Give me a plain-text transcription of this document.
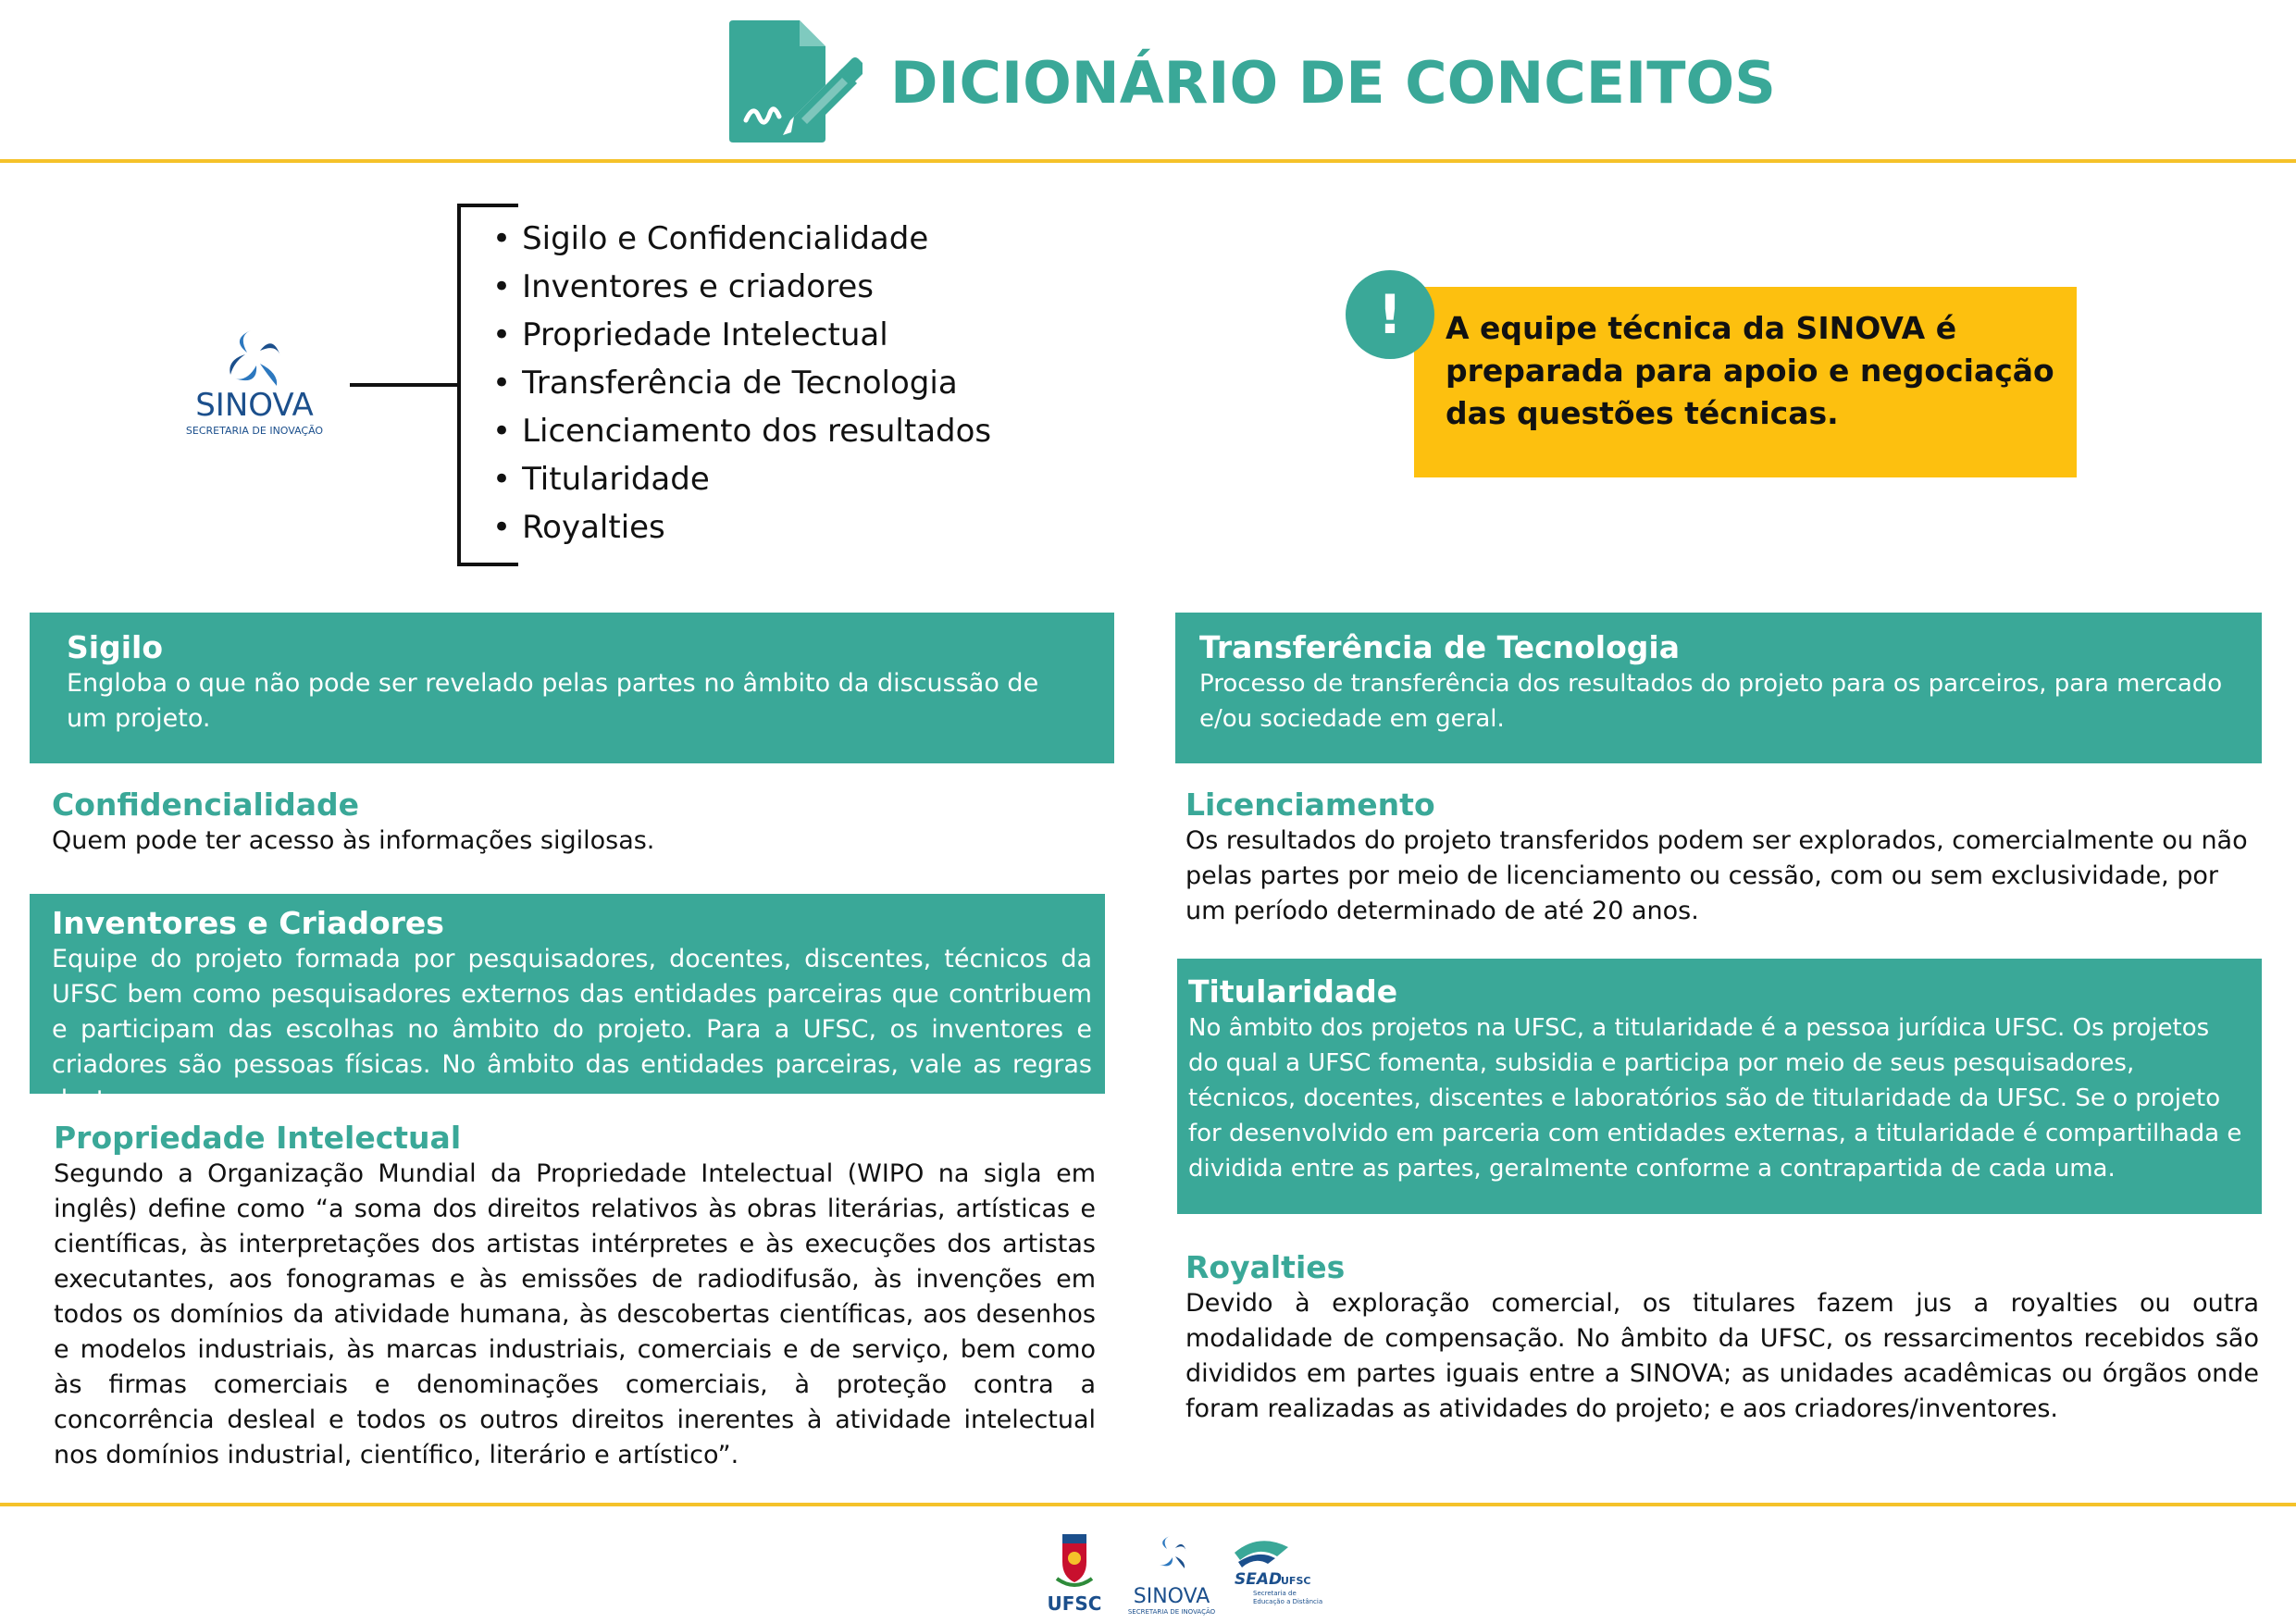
DICIONÁRIO DE CONCEITOS
SINOVA
SECRETARIA DE INOVAÇÃO
• Sigilo e Confidencialidade
• Inventores e criadores
• Propriedade Intelectual
• Transferência de Tecnologia
• Licenciamento dos resultados
• Titularidade
• Royalties
A equipe técnica da SINOVA é preparada para apoio e negociação das questões técnicas.
!
Sigilo
Engloba o que não pode ser revelado pelas partes no âmbito da discussão de um projeto.
Confidencialidade
Quem pode ter acesso às informações sigilosas.
Inventores e Criadores
Equipe do projeto formada por pesquisadores, docentes, discentes, técnicos da UFSC bem como pesquisadores externos das entidades parceiras que contribuem e participam das escolhas no âmbito do projeto. Para a UFSC, os inventores e criadores são pessoas físicas. No âmbito das entidades parceiras, vale as regras destas.
Propriedade Intelectual
Segundo a Organização Mundial da Propriedade Intelectual (WIPO na sigla em inglês) define como “a soma dos direitos relativos às obras literárias, artísticas e científicas, às interpretações dos artistas intérpretes e às execuções dos artistas executantes, aos fonogramas e às emissões de radiodifusão, às invenções em todos os domínios da atividade humana, às descobertas científicas, aos desenhos e modelos industriais, às marcas industriais, comerciais e de serviço, bem como às firmas comerciais e denominações comerciais, à proteção contra a concorrência desleal e todos os outros direitos inerentes à atividade intelectual nos domínios industrial, científico, literário e artístico”.
Transferência de Tecnologia
Processo de transferência dos resultados do projeto para os parceiros, para mercado e/ou sociedade em geral.
Licenciamento
Os resultados do projeto transferidos podem ser explorados, comercialmente ou não pelas partes por meio de licenciamento ou cessão, com ou sem exclusividade, por um período determinado de até 20 anos.
Titularidade
No âmbito dos projetos na UFSC, a titularidade é a pessoa jurídica UFSC. Os projetos do qual a UFSC fomenta, subsidia e participa por meio de seus pesquisadores, técnicos, docentes, discentes e laboratórios são de titularidade da UFSC. Se o projeto for desenvolvido em parceria com entidades externas, a titularidade é compartilhada e dividida entre as partes, geralmente conforme a contrapartida de cada uma.
Royalties
Devido à exploração comercial, os titulares fazem jus a royalties ou outra modalidade de compensação. No âmbito da UFSC, os ressarcimentos recebidos são divididos em partes iguais entre a SINOVA; as unidades acadêmicas ou órgãos onde foram realizadas as atividades do projeto; e aos criadores/inventores.
UFSC SINOVA
SECRETARIA DE INOVAÇÃO
SEAD
UFSC
Secretaria de
Educação a Distância
